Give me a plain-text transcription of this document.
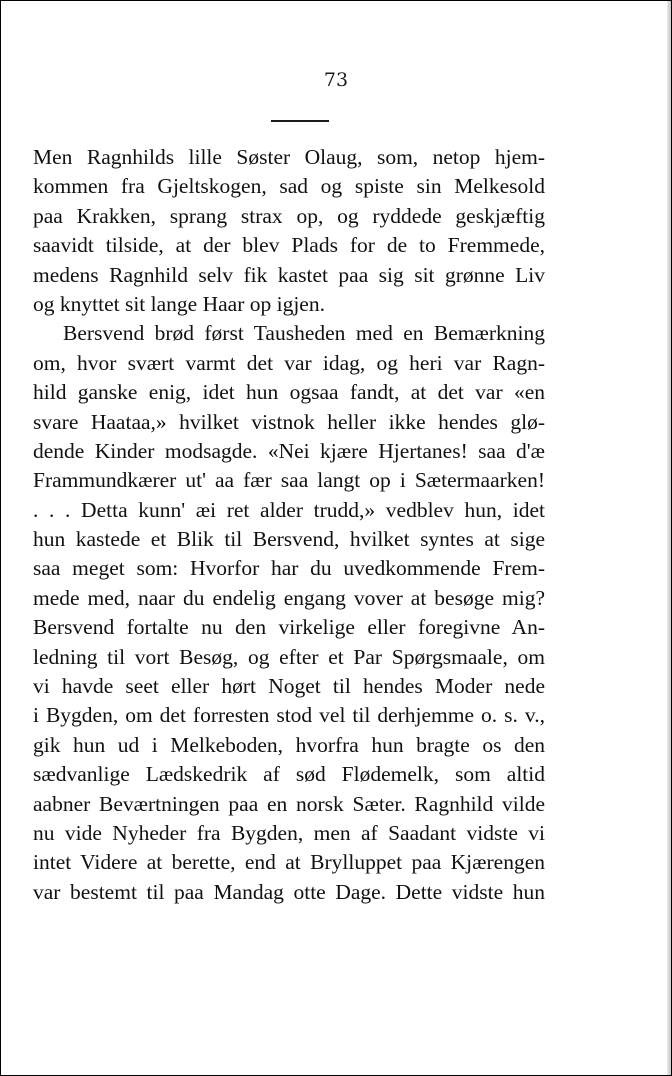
73
Men Ragnhilds lille Søster Olaug, som, netop hjem-
kommen fra Gjeltskogen, sad og spiste sin Melkesold
paa Krakken, sprang strax op, og ryddede geskjæftig
saavidt tilside, at der blev Plads for de to Fremmede,
medens Ragnhild selv fik kastet paa sig sit grønne Liv
og knyttet sit lange Haar op igjen.
Bersvend brød først Tausheden med en Bemærkning
om, hvor svært varmt det var idag, og heri var Ragn-
hild ganske enig, idet hun ogsaa fandt, at det var «en
svare Haataa,» hvilket vistnok heller ikke hendes glø-
dende Kinder modsagde. «Nei kjære Hjertanes! saa d'æ
Frammundkærer ut' aa fær saa langt op i Sætermaarken!
. . . Detta kunn' æi ret alder trudd,» vedblev hun, idet
hun kastede et Blik til Bersvend, hvilket syntes at sige
saa meget som: Hvorfor har du uvedkommende Frem-
mede med, naar du endelig engang vover at besøge mig?
Bersvend fortalte nu den virkelige eller foregivne An-
ledning til vort Besøg, og efter et Par Spørgsmaale, om
vi havde seet eller hørt Noget til hendes Moder nede
i Bygden, om det forresten stod vel til derhjemme o. s. v.,
gik hun ud i Melkeboden, hvorfra hun bragte os den
sædvanlige Lædskedrik af sød Flødemelk, som altid
aabner Beværtningen paa en norsk Sæter. Ragnhild vilde
nu vide Nyheder fra Bygden, men af Saadant vidste vi
intet Videre at berette, end at Brylluppet paa Kjærengen
var bestemt til paa Mandag otte Dage. Dette vidste hun
